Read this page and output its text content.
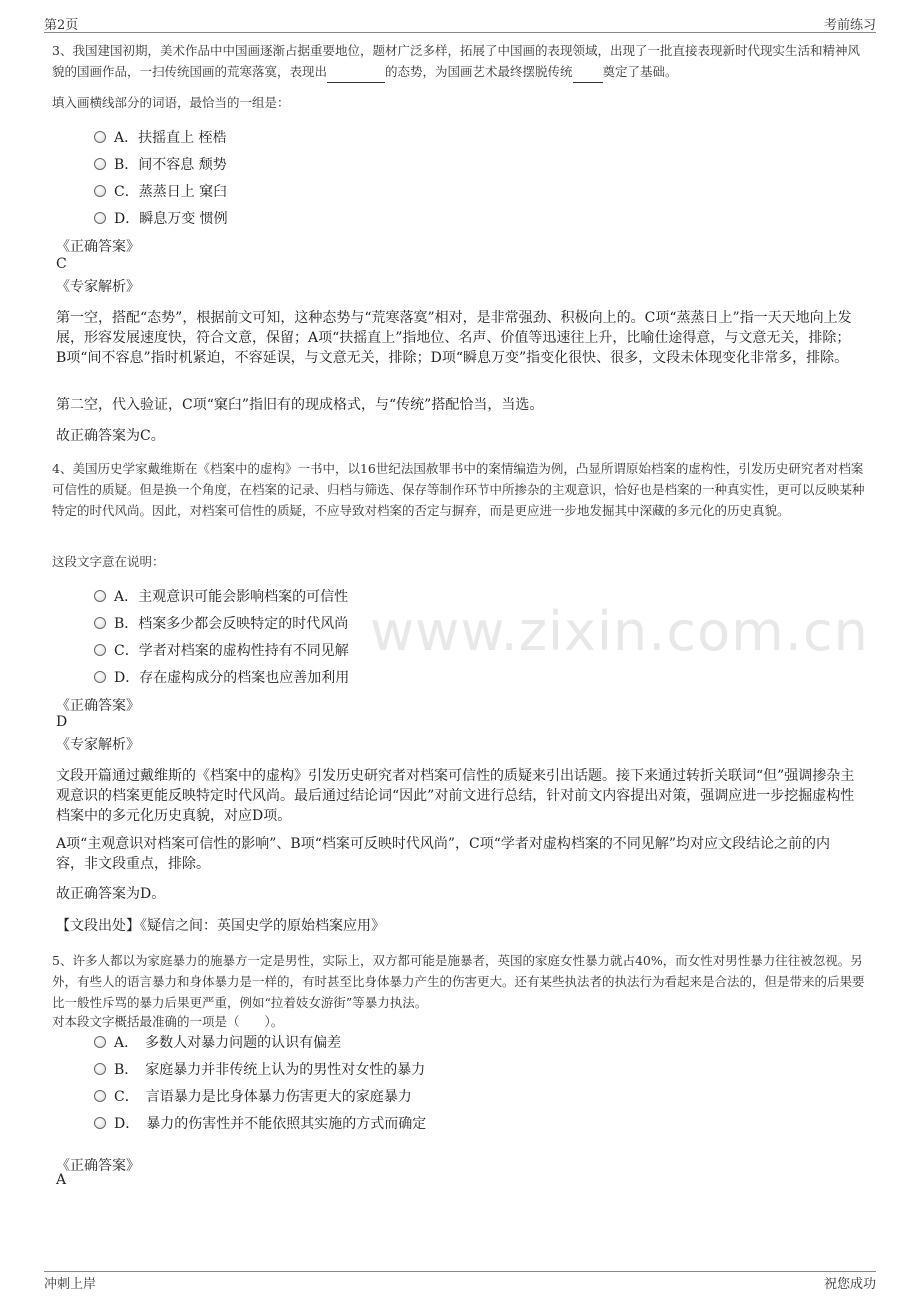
第2页	考前练习
www.zixin.com.cn

3、我国建国初期，美术作品中中国画逐渐占据重要地位，题材广泛多样，拓展了中国画的表现领域，出现了一批直接表现新时代现实生活和精神风貌的国画作品，一扫传统国画的荒寒落寞，表现出	的态势，为国画艺术最终摆脱传统 奠定了基础。

填入画横线部分的词语，最恰当的一组是：

A．扶摇直上 桎梏
B．间不容息 颓势
C．蒸蒸日上 窠臼
D．瞬息万变 惯例
《正确答案》
C
《专家解析》

第一空，搭配“态势”，根据前文可知，这种态势与“荒寒落寞”相对，是非常强劲、积极向上的。C项“蒸蒸日上”指一天天地向上发展，形容发展速度快，符合文意，保留；A项“扶摇直上”指地位、名声、价值等迅速往上升，比喻仕途得意，与文意无关，排除；B项“间不容息”指时机紧迫，不容延误，与文意无关，排除；D项“瞬息万变”指变化很快、很多，文段未体现变化非常多，排除。

第二空，代入验证，C项“窠臼”指旧有的现成格式，与“传统”搭配恰当，当选。

故正确答案为C。

4、美国历史学家戴维斯在《档案中的虚构》一书中，以16世纪法国赦罪书中的案情编造为例，凸显所谓原始档案的虚构性，引发历史研究者对档案可信性的质疑。但是换一个角度，在档案的记录、归档与筛选、保存等制作环节中所掺杂的主观意识，恰好也是档案的一种真实性，更可以反映某种特定的时代风尚。因此，对档案可信性的质疑，不应导致对档案的否定与摒弃，而是更应进一步地发掘其中深藏的多元化的历史真貌。

这段文字意在说明：

A．主观意识可能会影响档案的可信性
B．档案多少都会反映特定的时代风尚
C．学者对档案的虚构性持有不同见解
D．存在虚构成分的档案也应善加利用
《正确答案》
D
《专家解析》

文段开篇通过戴维斯的《档案中的虚构》引发历史研究者对档案可信性的质疑来引出话题。接下来通过转折关联词“但”强调掺杂主观意识的档案更能反映特定时代风尚。最后通过结论词“因此”对前文进行总结，针对前文内容提出对策，强调应进一步挖掘虚构性档案中的多元化历史真貌，对应D项。

A项“主观意识对档案可信性的影响”、B项“档案可反映时代风尚”，C项“学者对虚构档案的不同见解”均对应文段结论之前的内容，非文段重点，排除。

故正确答案为D。

【文段出处】《疑信之间：英国史学的原始档案应用》

5、许多人都以为家庭暴力的施暴方一定是男性，实际上，双方都可能是施暴者，英国的家庭女性暴力就占40%，而女性对男性暴力往往被忽视。另外，有些人的语言暴力和身体暴力是一样的，有时甚至比身体暴力产生的伤害更大。还有某些执法者的执法行为看起来是合法的，但是带来的后果要比一般性斥骂的暴力后果更严重，例如“拉着妓女游街”等暴力执法。

对本段文字概括最准确的一项是（　　）。

A．　多数人对暴力问题的认识有偏差
B．　家庭暴力并非传统上认为的男性对女性的暴力
C．　言语暴力是比身体暴力伤害更大的家庭暴力
D．　暴力的伤害性并不能依照其实施的方式而确定
《正确答案》
A
冲刺上岸	祝您成功
